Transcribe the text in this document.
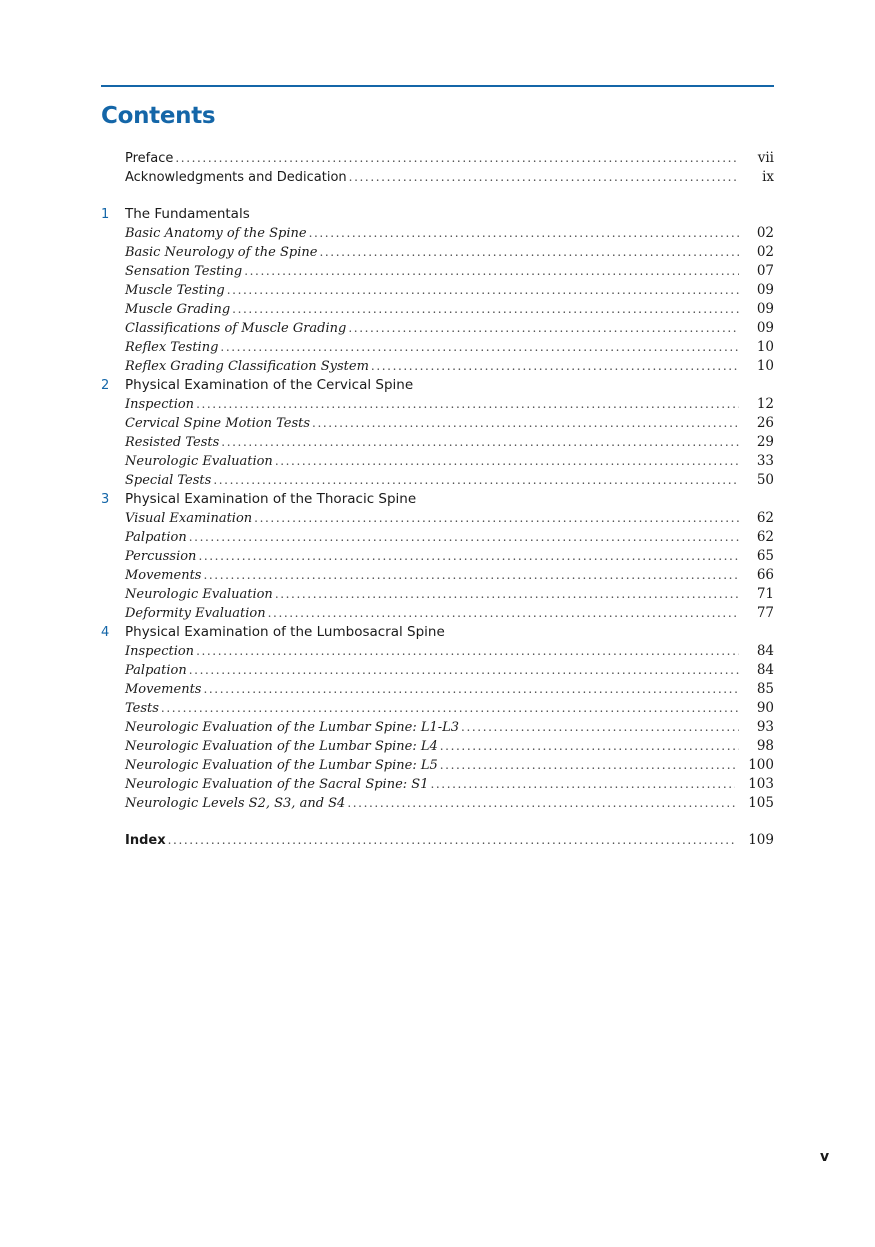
Contents
Preface .....	vii
Acknowledgments and Dedication .....	ix
1	The Fundamentals
Basic Anatomy of the Spine .....	02
Basic Neurology of the Spine .....	02
Sensation Testing .....	07
Muscle Testing .....	09
Muscle Grading .....	09
Classifications of Muscle Grading .....	09
Reflex Testing .....	10
Reflex Grading Classification System .....	10
2	Physical Examination of the Cervical Spine
Inspection .....	12
Cervical Spine Motion Tests .....	26
Resisted Tests .....	29
Neurologic Evaluation .....	33
Special Tests .....	50
3	Physical Examination of the Thoracic Spine
Visual Examination .....	62
Palpation .....	62
Percussion .....	65
Movements .....	66
Neurologic Evaluation .....	71
Deformity Evaluation .....	77
4	Physical Examination of the Lumbosacral Spine
Inspection .....	84
Palpation .....	84
Movements .....	85
Tests .....	90
Neurologic Evaluation of the Lumbar Spine: L1-L3 .....	93
Neurologic Evaluation of the Lumbar Spine: L4 .....	98
Neurologic Evaluation of the Lumbar Spine: L5 .....	100
Neurologic Evaluation of the Sacral Spine: S1 .....	103
Neurologic Levels S2, S3, and S4 .....	105
Index .....	109
v
